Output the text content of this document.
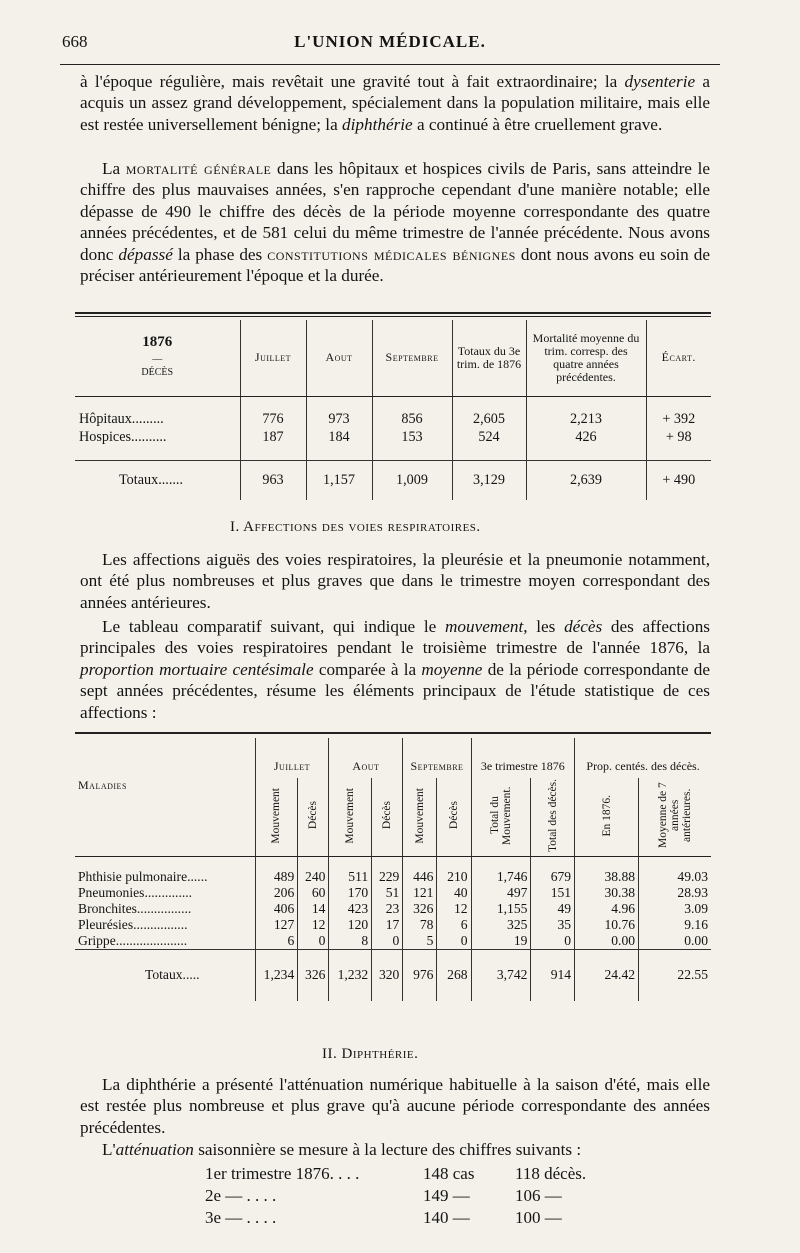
668	L'UNION MÉDICALE.

à l'époque régulière, mais revêtait une gravité tout à fait extraordinaire; la dysenterie a acquis un assez grand développement, spécialement dans la population militaire, mais elle est restée universellement bénigne; la diphthérie a continué à être cruellement grave.

La mortalité générale dans les hôpitaux et hospices civils de Paris, sans atteindre le chiffre des plus mauvaises années, s'en rapproche cependant d'une manière notable; elle dépasse de 490 le chiffre des décès de la période moyenne correspondante des quatre années précédentes, et de 581 celui du même trimestre de l'année précédente. Nous avons donc dépassé la phase des constitutions médicales bénignes dont nous avons eu soin de préciser antérieurement l'époque et la durée.

1876
—
DÉCÈS	Juillet	Aout	Septembre	Totaux du 3e trim. de 1876	Mortalité moyenne du trim. corresp. des quatre années précédentes.	Écart.

Hôpitaux.........	776	973	856	2,605	2,213	+ 392
Hospices..........	187	184	153	524	426	+ 98

Totaux.......	963	1,157	1,009	3,129	2,639	+ 490
I. Affections des voies respiratoires.

Les affections aiguës des voies respiratoires, la pleurésie et la pneumonie notamment, ont été plus nombreuses et plus graves que dans le trimestre moyen correspondant des années antérieures.

Le tableau comparatif suivant, qui indique le mouvement, les décès des affections principales des voies respiratoires pendant le troisième trimestre de l'année 1876, la proportion mortuaire centésimale comparée à la moyenne de la période correspondante de sept années précédentes, résume les éléments principaux de l'étude statistique de ces affections :

	Juillet		Aout		Septembre		3e trimestre 1876		Prop. centés. des décès.	
Maladies	Mouvement	Décès	Mouvement	Décès	Mouvement	Décès	Total du Mouvement.	Total des décès.	En 1876.	Moyenne de 7 années antérieures.

Phthisie pulmonaire......	489	240	511	229	446	210	1,746	679	38.88	49.03
Pneumonies..............	206	60	170	51	121	40	497	151	30.38	28.93
Bronchites................	406	14	423	23	326	12	1,155	49	4.96	3.09
Pleurésies................	127	12	120	17	78	6	325	35	10.76	9.16
Grippe.....................	6	0	8	0	5	0	19	0	0.00	0.00
Totaux.....	1,234	326	1,232	320	976	268	3,742	914	24.42	22.55
II. Diphthérie.

La diphthérie a présenté l'atténuation numérique habituelle à la saison d'été, mais elle est restée plus nombreuse et plus grave qu'à aucune période correspondante des années précédentes.

L'atténuation saisonnière se mesure à la lecture des chiffres suivants :

1er trimestre 1876. . . .	148 cas 118 décès.
2e — . . . .	149 —	106 —
3e — . . . .	140 —	100 —
